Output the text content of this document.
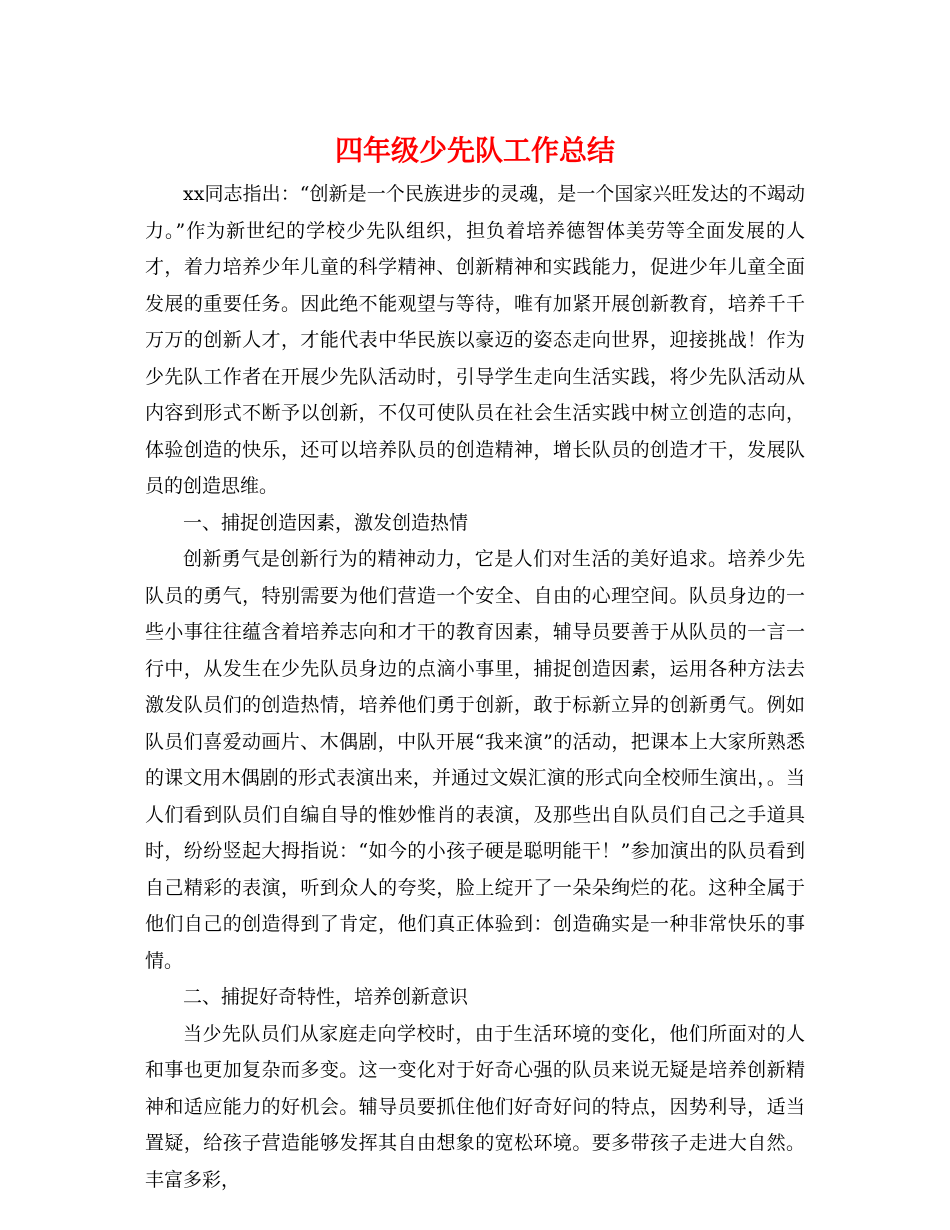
四年级少先队工作总结

xx同志指出：“创新是一个民族进步的灵魂，是一个国家兴旺发达的不竭动力。”作为新世纪的学校少先队组织，担负着培养德智体美劳等全面发展的人才，着力培养少年儿童的科学精神、创新精神和实践能力，促进少年儿童全面发展的重要任务。因此绝不能观望与等待，唯有加紧开展创新教育，培养千千万万的创新人才，才能代表中华民族以豪迈的姿态走向世界，迎接挑战！作为少先队工作者在开展少先队活动时，引导学生走向生活实践，将少先队活动从内容到形式不断予以创新，不仅可使队员在社会生活实践中树立创造的志向，体验创造的快乐，还可以培养队员的创造精神，增长队员的创造才干，发展队员的创造思维。

一、捕捉创造因素，激发创造热情

创新勇气是创新行为的精神动力，它是人们对生活的美好追求。培养少先队员的勇气，特别需要为他们营造一个安全、自由的心理空间。队员身边的一些小事往往蕴含着培养志向和才干的教育因素，辅导员要善于从队员的一言一行中，从发生在少先队员身边的点滴小事里，捕捉创造因素，运用各种方法去激发队员们的创造热情，培养他们勇于创新，敢于标新立异的创新勇气。例如队员们喜爱动画片、木偶剧，中队开展“我来演”的活动，把课本上大家所熟悉的课文用木偶剧的形式表演出来，并通过文娱汇演的形式向全校师生演出，。当人们看到队员们自编自导的惟妙惟肖的表演，及那些出自队员们自己之手道具时，纷纷竖起大拇指说：“如今的小孩子硬是聪明能干！”参加演出的队员看到自己精彩的表演，听到众人的夸奖，脸上绽开了一朵朵绚烂的花。这种全属于他们自己的创造得到了肯定，他们真正体验到：创造确实是一种非常快乐的事情。

二、捕捉好奇特性，培养创新意识

当少先队员们从家庭走向学校时，由于生活环境的变化，他们所面对的人和事也更加复杂而多变。这一变化对于好奇心强的队员来说无疑是培养创新精神和适应能力的好机会。辅导员要抓住他们好奇好问的特点，因势利导，适当置疑，给孩子营造能够发挥其自由想象的宽松环境。要多带孩子走进大自然。丰富多彩，
